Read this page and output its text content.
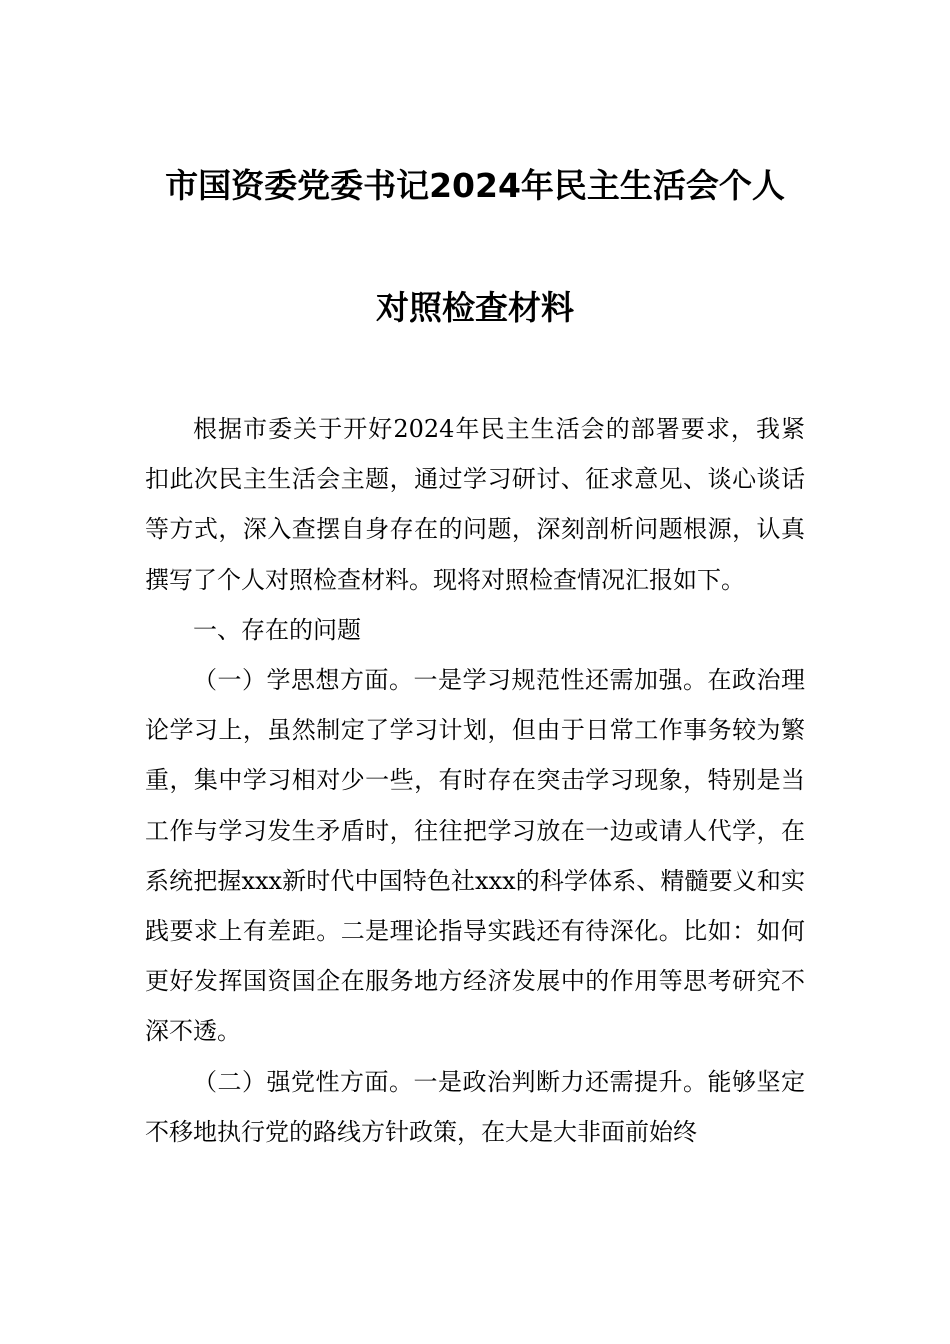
市国资委党委书记2024年民主生活会个人
对照检查材料

根据市委关于开好2024年民主生活会的部署要求，我紧扣此次民主生活会主题，通过学习研讨、征求意见、谈心谈话等方式，深入查摆自身存在的问题，深刻剖析问题根源，认真撰写了个人对照检查材料。现将对照检查情况汇报如下。

一、存在的问题

（一）学思想方面。一是学习规范性还需加强。在政治理论学习上，虽然制定了学习计划，但由于日常工作事务较为繁重，集中学习相对少一些，有时存在突击学习现象，特别是当工作与学习发生矛盾时，往往把学习放在一边或请人代学，在系统把握xxx新时代中国特色社xxx的科学体系、精髓要义和实践要求上有差距。二是理论指导实践还有待深化。比如：如何更好发挥国资国企在服务地方经济发展中的作用等思考研究不深不透。

（二）强党性方面。一是政治判断力还需提升。能够坚定不移地执行党的路线方针政策，在大是大非面前始终
